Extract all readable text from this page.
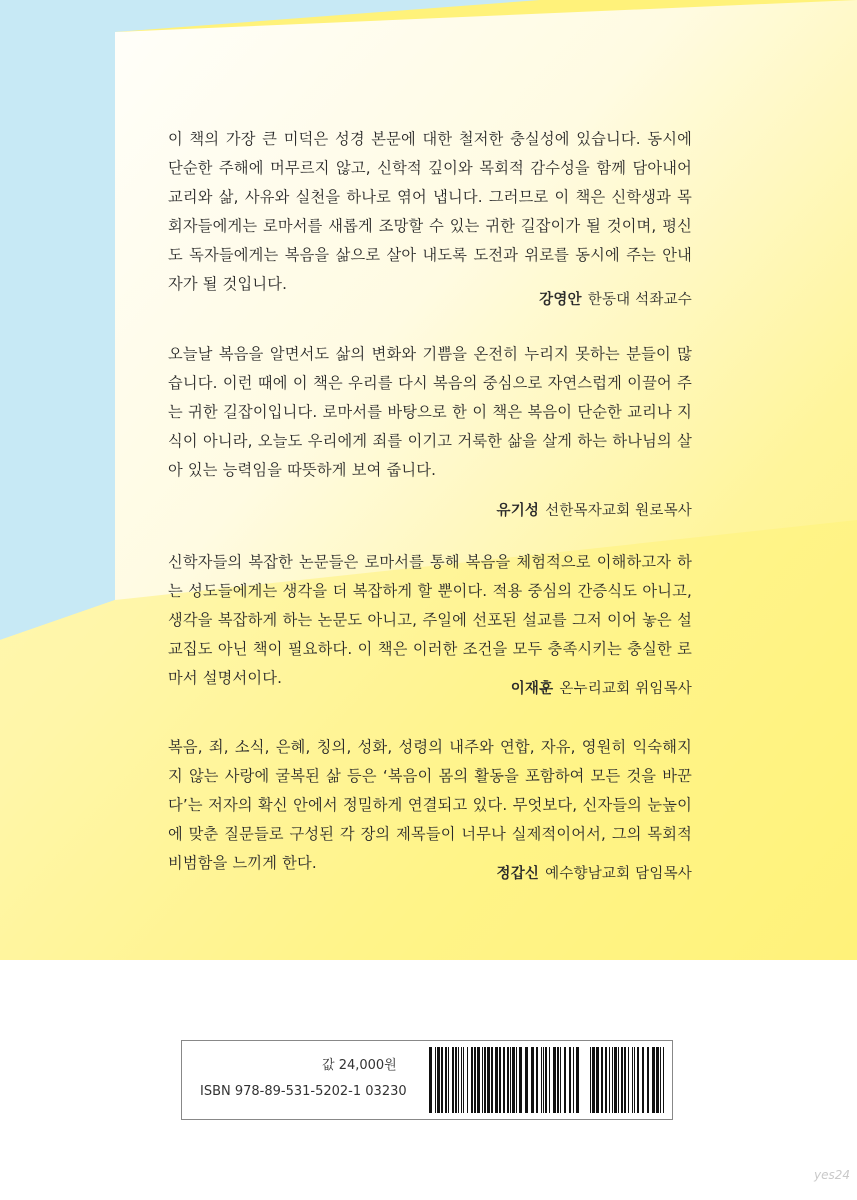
이 책의 가장 큰 미덕은 성경 본문에 대한 철저한 충실성에 있습니다. 동시에 단순한 주해에 머무르지 않고, 신학적 깊이와 목회적 감수성을 함께 담아내어 교리와 삶, 사유와 실천을 하나로 엮어 냅니다. 그러므로 이 책은 신학생과 목회자들에게는 로마서를 새롭게 조망할 수 있는 귀한 길잡이가 될 것이며, 평신도 독자들에게는 복음을 삶으로 살아 내도록 도전과 위로를 동시에 주는 안내자가 될 것입니다.

강영안 한동대 석좌교수

오늘날 복음을 알면서도 삶의 변화와 기쁨을 온전히 누리지 못하는 분들이 많습니다. 이런 때에 이 책은 우리를 다시 복음의 중심으로 자연스럽게 이끌어 주는 귀한 길잡이입니다. 로마서를 바탕으로 한 이 책은 복음이 단순한 교리나 지식이 아니라, 오늘도 우리에게 죄를 이기고 거룩한 삶을 살게 하는 하나님의 살아 있는 능력임을 따뜻하게 보여 줍니다.

유기성 선한목자교회 원로목사

신학자들의 복잡한 논문들은 로마서를 통해 복음을 체험적으로 이해하고자 하는 성도들에게는 생각을 더 복잡하게 할 뿐이다. 적용 중심의 간증식도 아니고, 생각을 복잡하게 하는 논문도 아니고, 주일에 선포된 설교를 그저 이어 놓은 설교집도 아닌 책이 필요하다. 이 책은 이러한 조건을 모두 충족시키는 충실한 로마서 설명서이다.

이재훈 온누리교회 위임목사

복음, 죄, 소식, 은혜, 칭의, 성화, 성령의 내주와 연합, 자유, 영원히 익숙해지지 않는 사랑에 굴복된 삶 등은 ‘복음이 몸의 활동을 포함하여 모든 것을 바꾼다’는 저자의 확신 안에서 정밀하게 연결되고 있다. 무엇보다, 신자들의 눈높이에 맞춘 질문들로 구성된 각 장의 제목들이 너무나 실제적이어서, 그의 목회적 비범함을 느끼게 한다.

정갑신 예수향남교회 담임목사
값 24,000원
ISBN 978-89-531-5202-1 03230
yes24
